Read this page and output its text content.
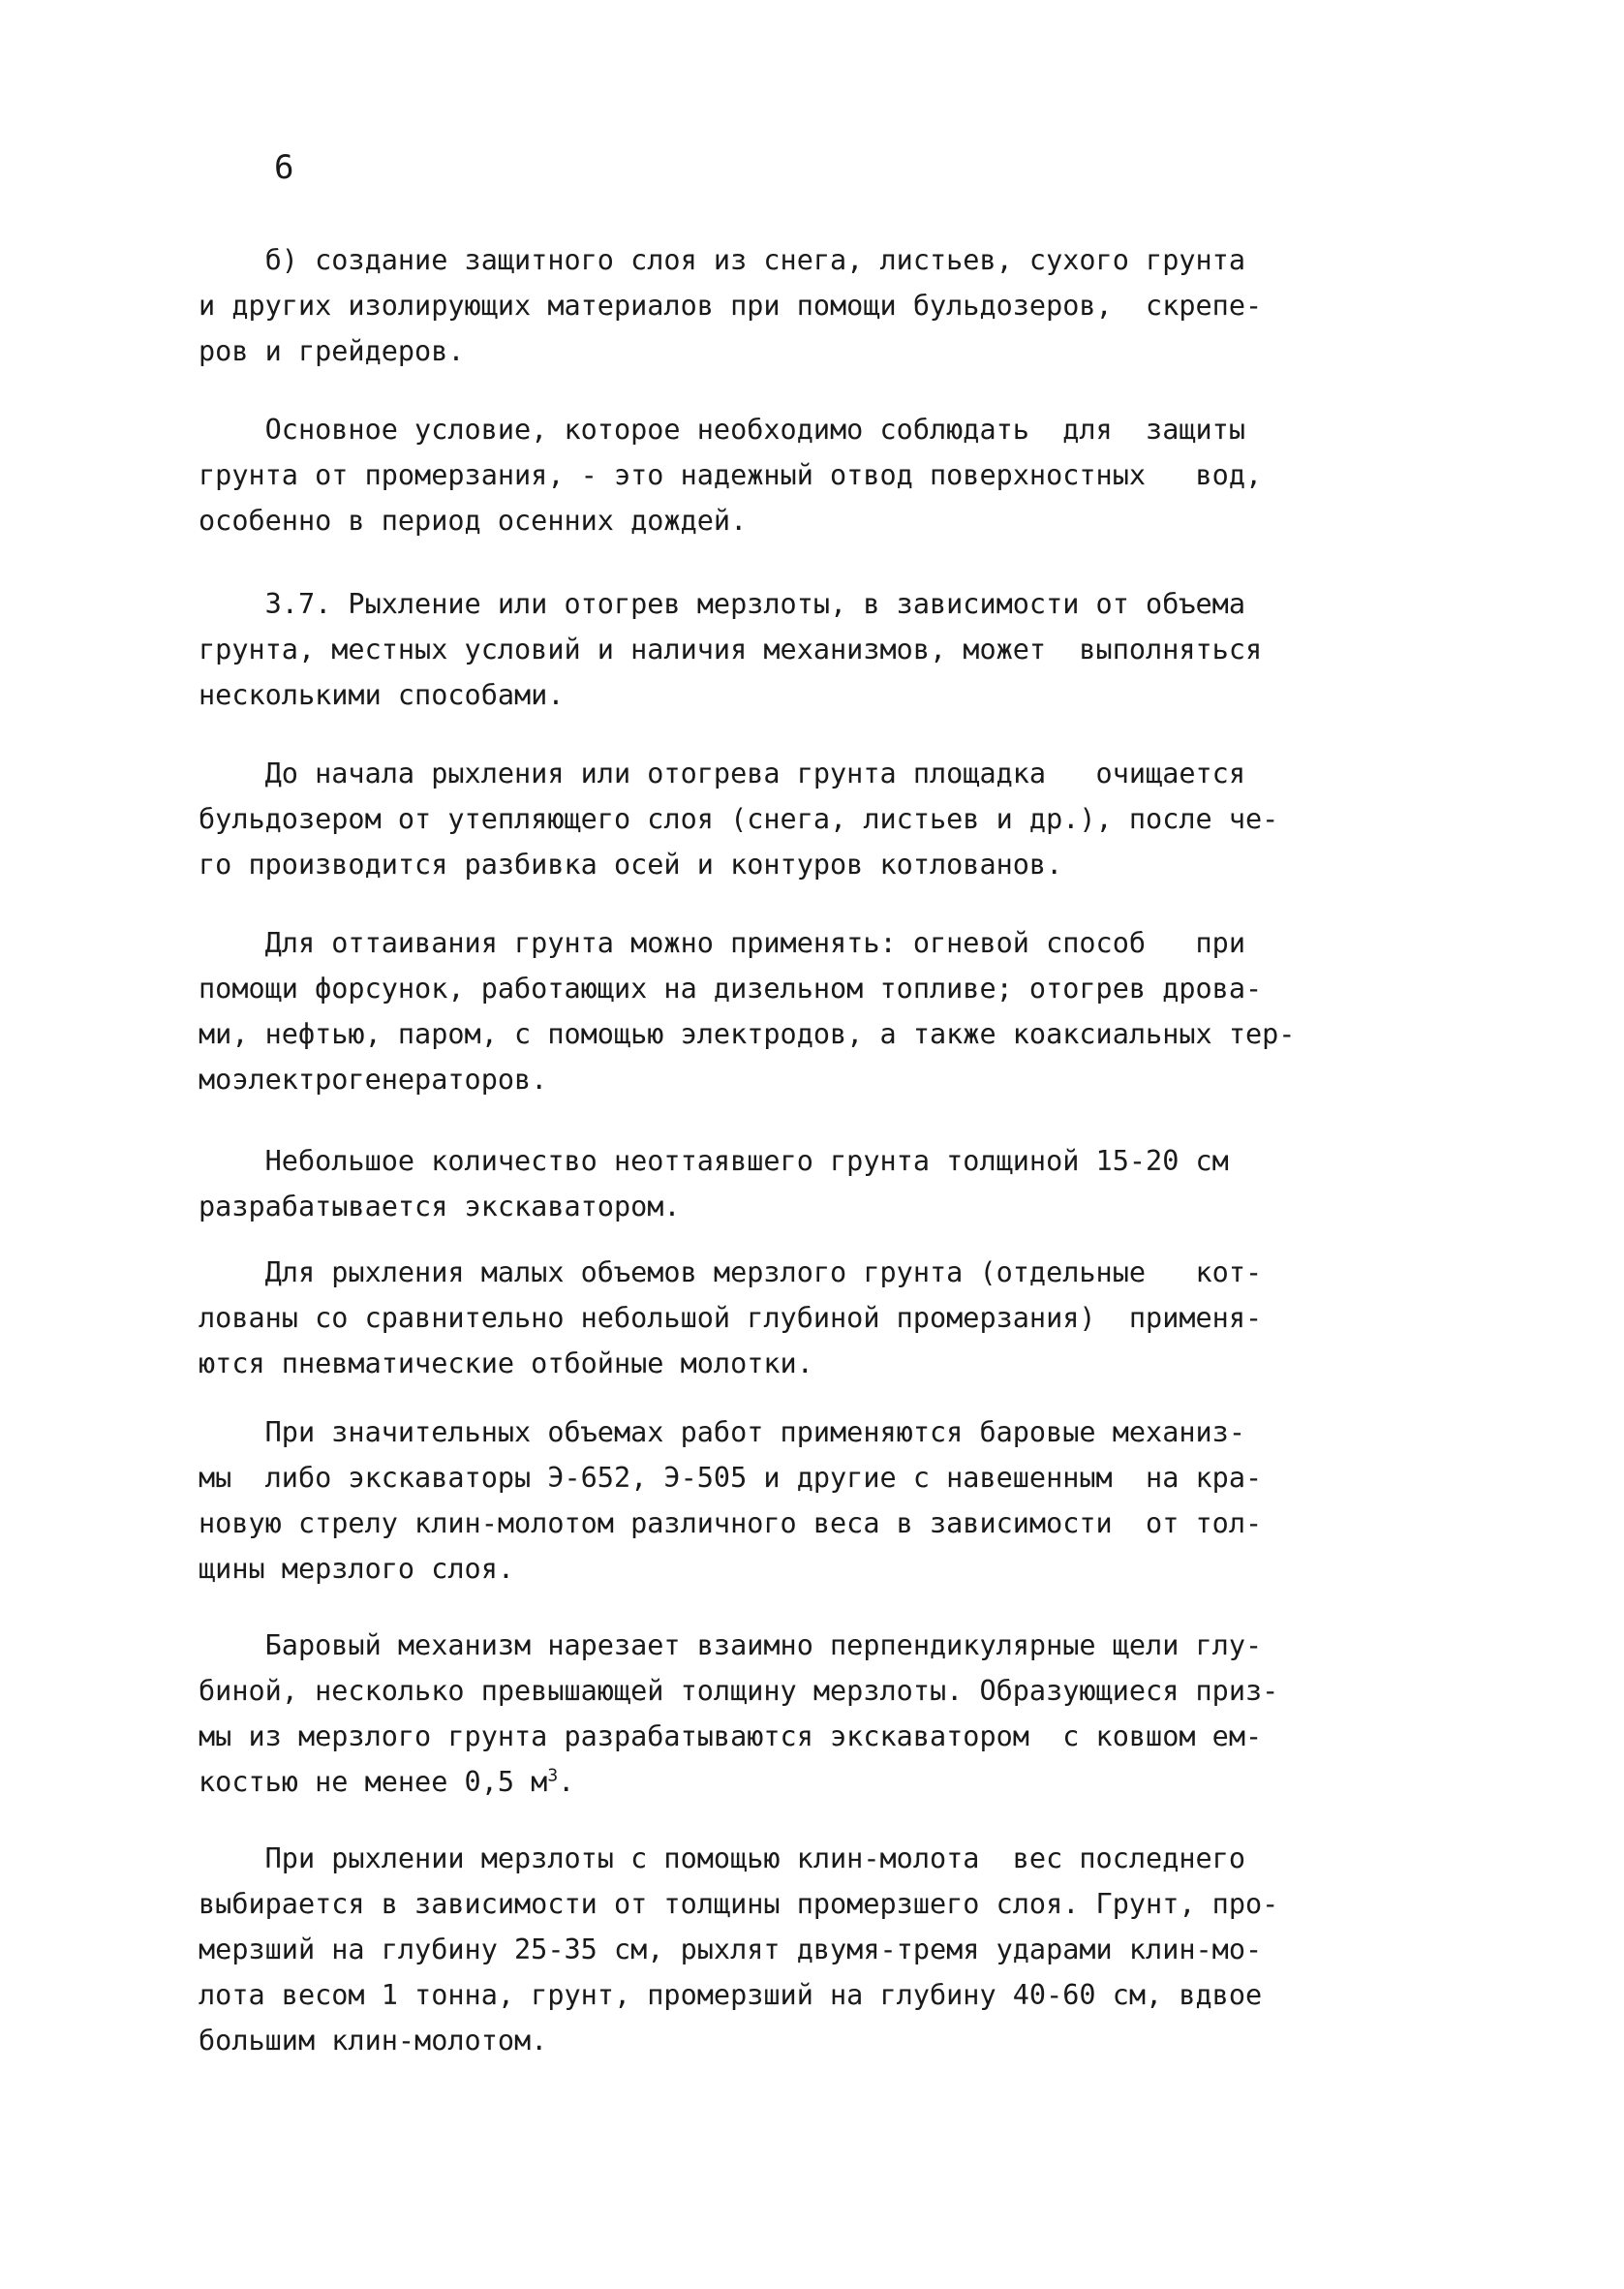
6
б) создание защитного слоя из снега, листьев, сухого грунта
и других изолирующих материалов при помощи бульдозеров,  скрепе-
ров и грейдеров.
Основное условие, которое необходимо соблюдать  для  защиты
грунта от промерзания, - это надежный отвод поверхностных   вод,
особенно в период осенних дождей.
3.7. Рыхление или отогрев мерзлоты, в зависимости от объема
грунта, местных условий и наличия механизмов, может  выполняться
несколькими способами.
До начала рыхления или отогрева грунта площадка   очищается
бульдозером от утепляющего слоя (снега, листьев и др.), после че-
го производится разбивка осей и контуров котлованов.
Для оттаивания грунта можно применять: огневой способ   при
помощи форсунок, работающих на дизельном топливе; отогрев дрова-
ми, нефтью, паром, с помощью электродов, а также коаксиальных тер-
моэлектрогенераторов.
Небольшое количество неоттаявшего грунта толщиной 15-20 см
разрабатывается экскаватором.
Для рыхления малых объемов мерзлого грунта (отдельные   кот-
лованы со сравнительно небольшой глубиной промерзания)  применя-
ются пневматические отбойные молотки.
При значительных объемах работ применяются баровые механиз-
мы  либо экскаваторы Э-652, Э-505 и другие с навешенным  на кра-
новую стрелу клин-молотом различного веса в зависимости  от тол-
щины мерзлого слоя.
Баровый механизм нарезает взаимно перпендикулярные щели глу-
биной, несколько превышающей толщину мерзлоты. Образующиеся приз-
мы из мерзлого грунта разрабатываются экскаватором  с ковшом ем-
костью не менее 0,5 $м^3$.
При рыхлении мерзлоты с помощью клин-молота  вес последнего
выбирается в зависимости от толщины промерзшего слоя. Грунт, про-
мерзший на глубину 25-35 см, рыхлят двумя-тремя ударами клин-мо-
лота весом 1 тонна, грунт, промерзший на глубину 40-60 см, вдвое
большим клин-молотом.
